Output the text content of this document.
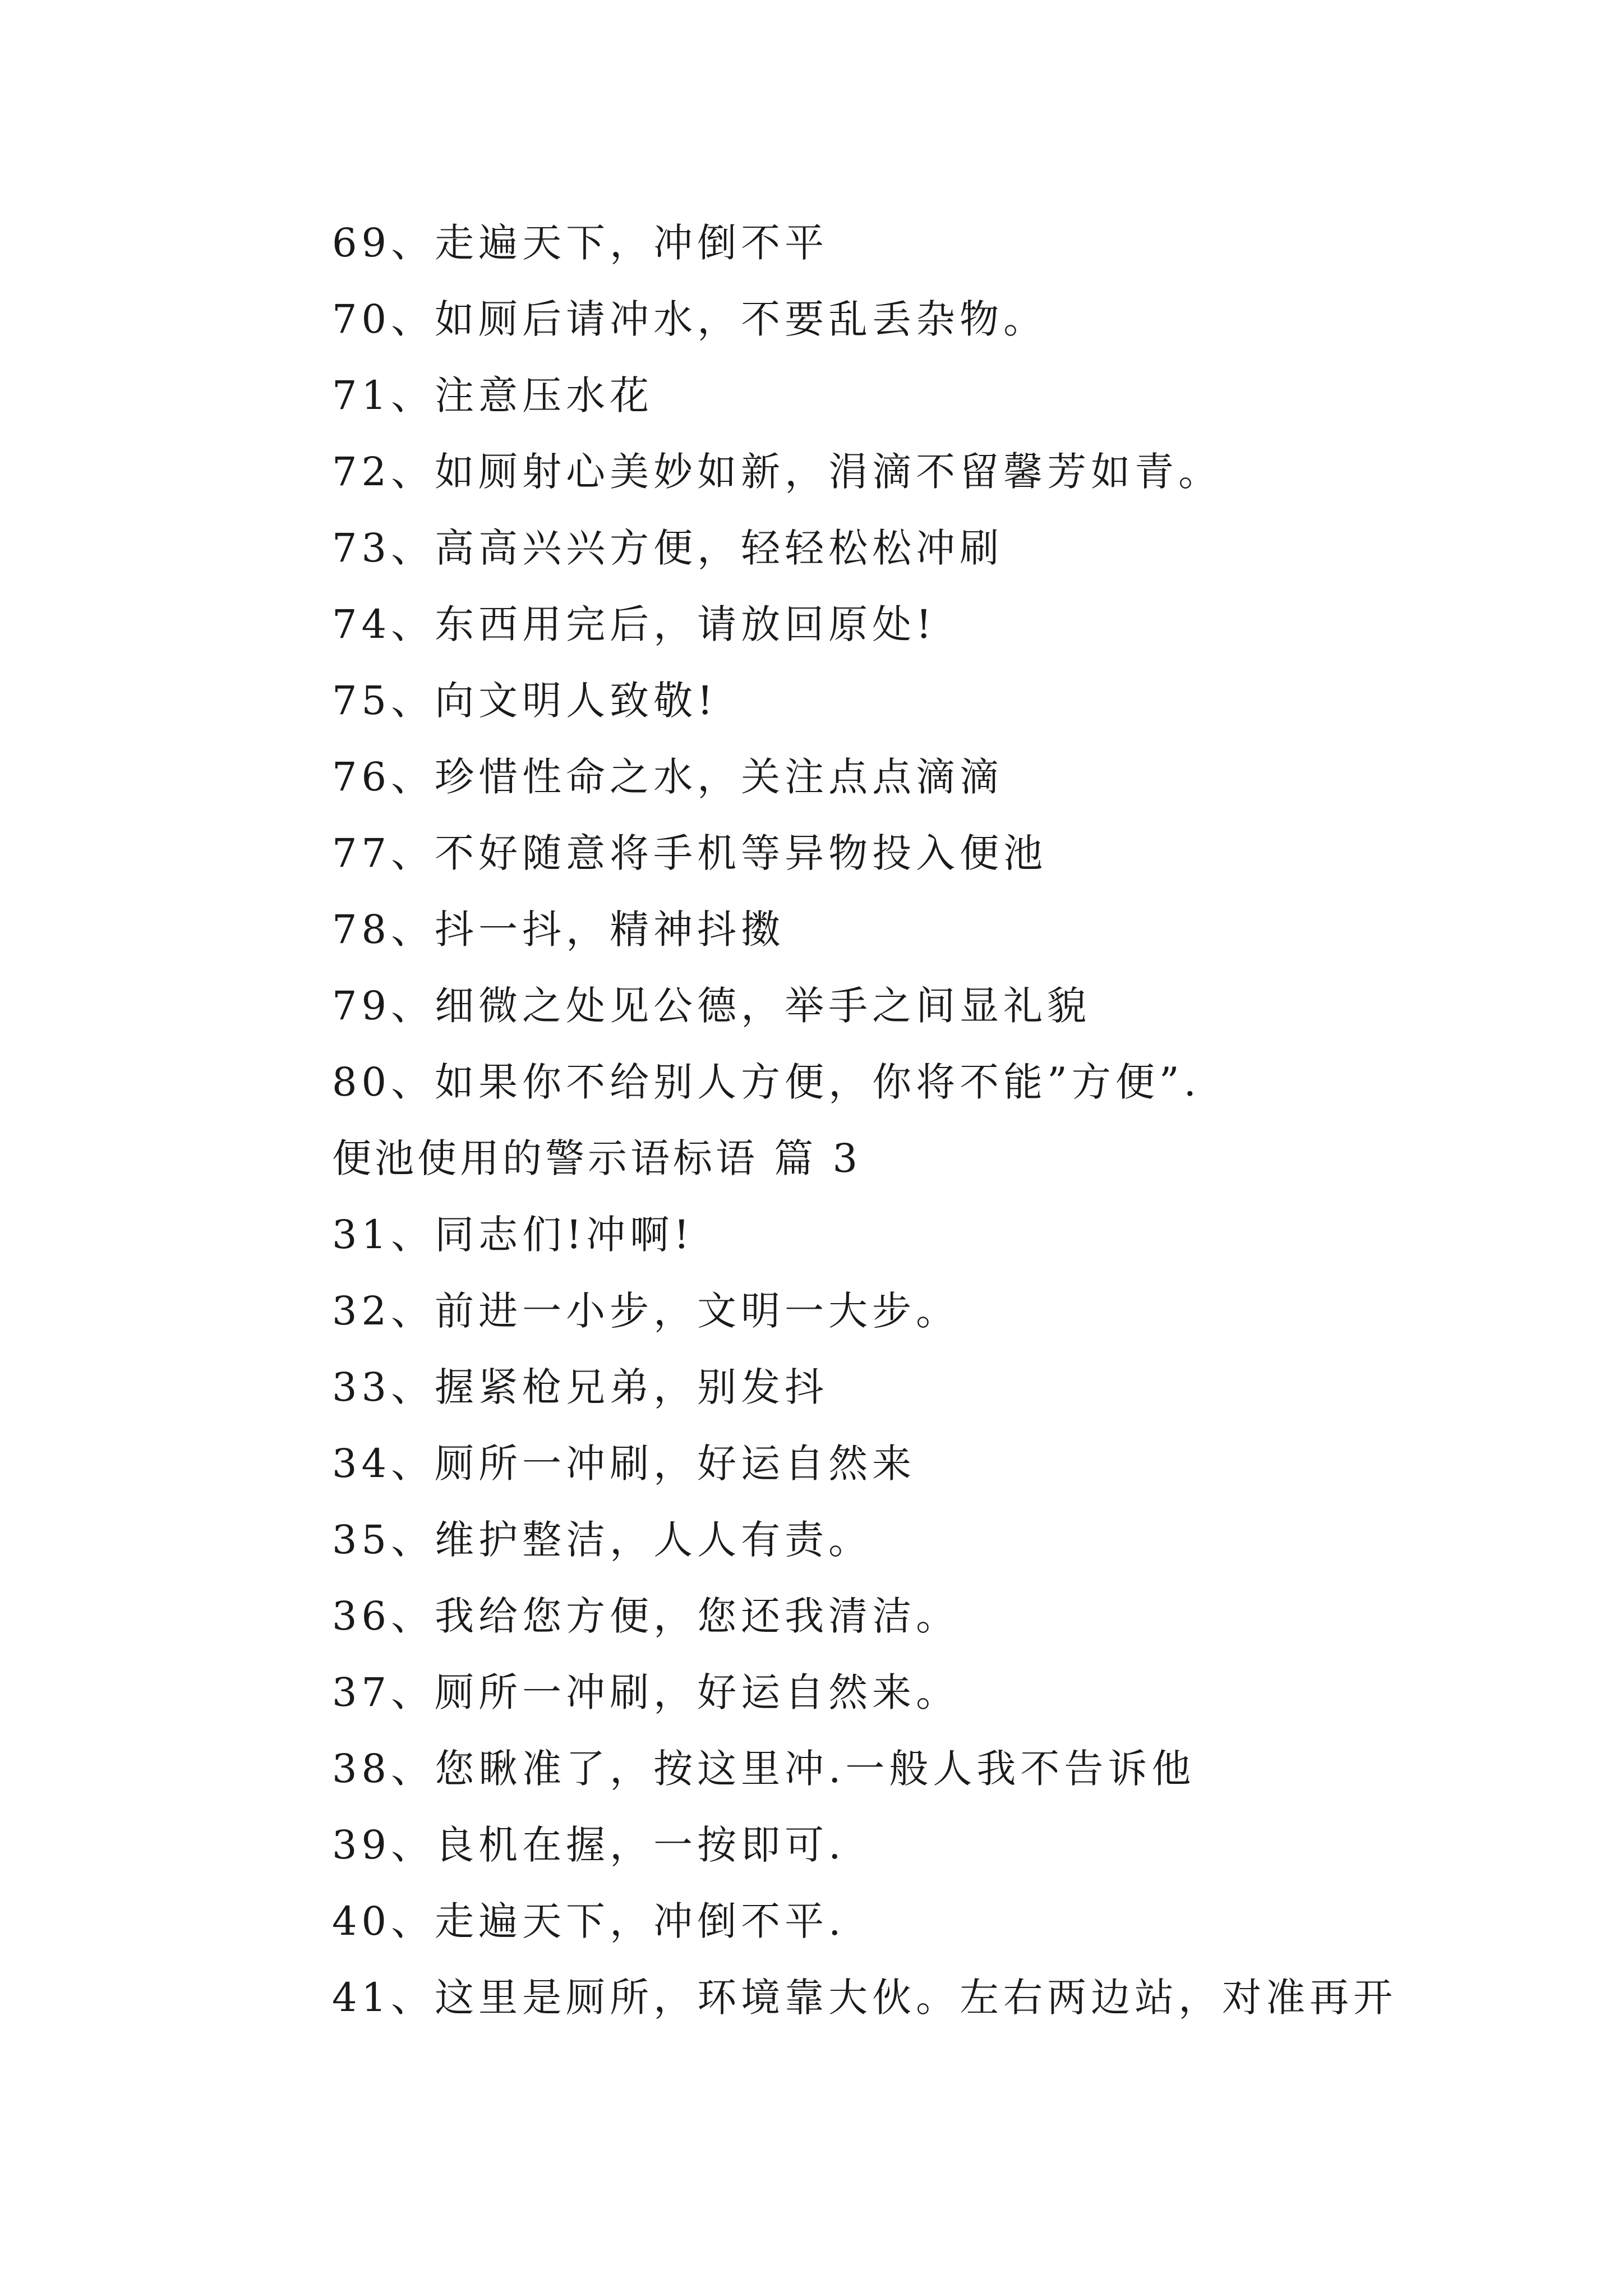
69、走遍天下，冲倒不平
70、如厕后请冲水，不要乱丢杂物。
71、注意压水花
72、如厕射心美妙如新，涓滴不留馨芳如青。
73、高高兴兴方便，轻轻松松冲刷
74、东西用完后，请放回原处!
75、向文明人致敬!
76、珍惜性命之水，关注点点滴滴
77、不好随意将手机等异物投入便池
78、抖一抖，精神抖擞
79、细微之处见公德，举手之间显礼貌
80、如果你不给别人方便，你将不能”方便”.
便池使用的警示语标语 篇 3
31、同志们!冲啊!
32、前进一小步，文明一大步。
33、握紧枪兄弟，别发抖
34、厕所一冲刷，好运自然来
35、维护整洁，人人有责。
36、我给您方便，您还我清洁。
37、厕所一冲刷，好运自然来。
38、您瞅准了，按这里冲.一般人我不告诉他
39、良机在握，一按即可.
40、走遍天下，冲倒不平.
41、这里是厕所，环境靠大伙。左右两边站，对准再开
